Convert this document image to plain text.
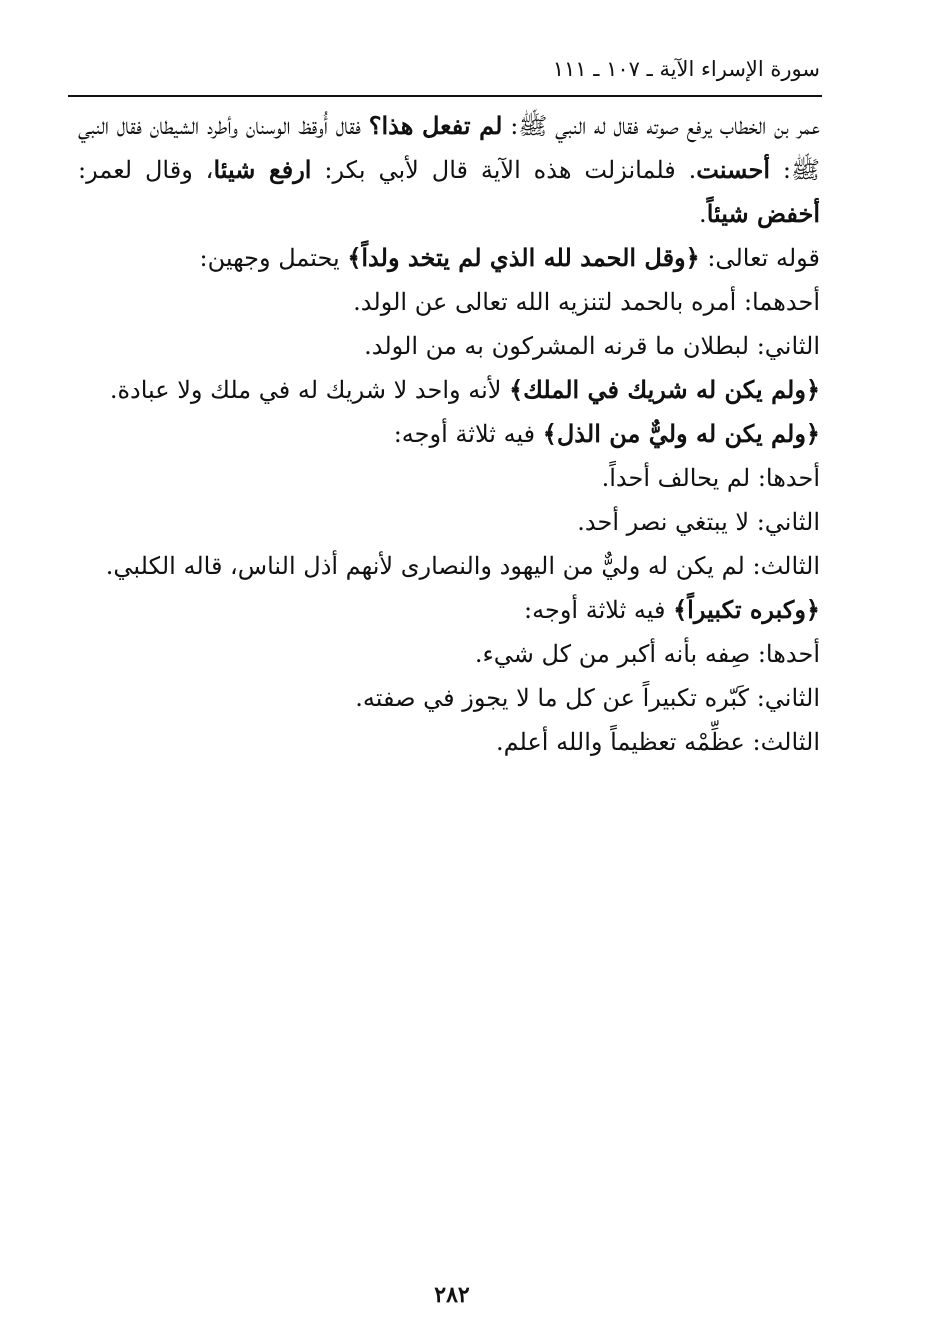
سورة الإسراء الآية ـ ١٠٧ ـ ١١١

عمر بن الخطاب يرفع صوته فقال له النبي ﷺ: لم تفعل هذا؟ فقال أُوقظ الوسنان وأطرد الشيطان فقال النبي ﷺ: أحسنت. فلمانزلت هذه الآية قال لأبي بكر: ارفع شيئا، وقال لعمر: أخفض شيئاً.

قوله تعالى: ﴿وقل الحمد لله الذي لم يتخد ولداً﴾ يحتمل وجهين:
أحدهما: أمره بالحمد لتنزيه الله تعالى عن الولد.
الثاني: لبطلان ما قرنه المشركون به من الولد.
﴿ولم يكن له شريك في الملك﴾ لأنه واحد لا شريك له في ملك ولا عبادة.
﴿ولم يكن له وليٌّ من الذل﴾ فيه ثلاثة أوجه:
أحدها: لم يحالف أحداً.
الثاني: لا يبتغي نصر أحد.
الثالث: لم يكن له وليٌّ من اليهود والنصارى لأنهم أذل الناس، قاله الكلبي.
﴿وكبره تكبيراً﴾ فيه ثلاثة أوجه:
أحدها: صِفه بأنه أكبر من كل شيء.
الثاني: كَبّره تكبيراً عن كل ما لا يجوز في صفته.
الثالث: عظِّمْه تعظيماً والله أعلم.
٢٨٢
